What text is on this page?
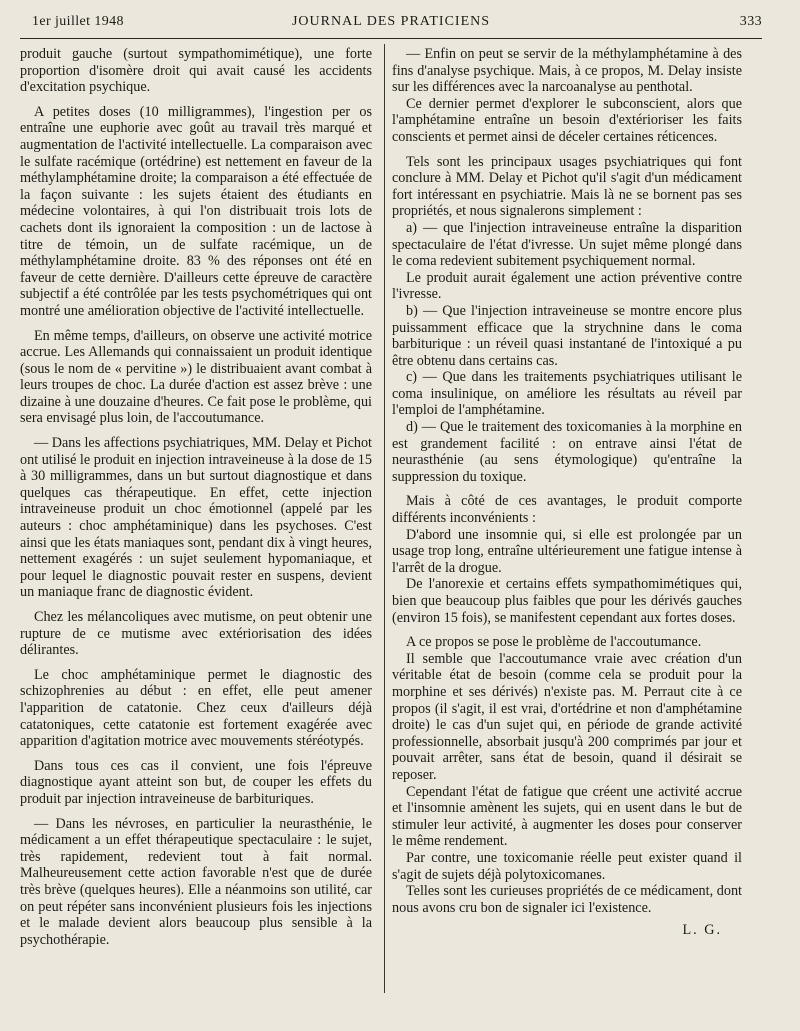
1er juillet 1948	JOURNAL DES PRATICIENS	333

produit gauche (surtout sympathomimétique), une forte proportion d'isomère droit qui avait causé les accidents d'excitation psychique.

A petites doses (10 milligrammes), l'ingestion per os entraîne une euphorie avec goût au travail très marqué et augmentation de l'activité intellectuelle. La comparaison avec le sulfate racémique (ortédrine) est nettement en faveur de la méthylamphétamine droite; la comparaison a été effectuée de la façon suivante : les sujets étaient des étudiants en médecine volontaires, à qui l'on distribuait trois lots de cachets dont ils ignoraient la composition : un de lactose à titre de témoin, un de sulfate racémique, un de méthylamphétamine droite. 83 % des réponses ont été en faveur de cette dernière. D'ailleurs cette épreuve de caractère subjectif a été contrôlée par les tests psychométriques qui ont montré une amélioration objective de l'activité intellectuelle.

En même temps, d'ailleurs, on observe une activité motrice accrue. Les Allemands qui connaissaient un produit identique (sous le nom de « pervitine ») le distribuaient avant combat à leurs troupes de choc. La durée d'action est assez brève : une dizaine à une douzaine d'heures. Ce fait pose le problème, qui sera envisagé plus loin, de l'accoutumance.

— Dans les affections psychiatriques, MM. Delay et Pichot ont utilisé le produit en injection intraveineuse à la dose de 15 à 30 milligrammes, dans un but surtout diagnostique et dans quelques cas thérapeutique. En effet, cette injection intraveineuse produit un choc émotionnel (appelé par les auteurs : choc amphétaminique) dans les psychoses. C'est ainsi que les états maniaques sont, pendant dix à vingt heures, nettement exagérés : un sujet seulement hypomaniaque, et pour lequel le diagnostic pouvait rester en suspens, devient un maniaque franc de diagnostic évident.

Chez les mélancoliques avec mutisme, on peut obtenir une rupture de ce mutisme avec extériorisation des idées délirantes.

Le choc amphétaminique permet le diagnostic des schizophrenies au début : en effet, elle peut amener l'apparition de catatonie. Chez ceux d'ailleurs déjà catatoniques, cette catatonie est fortement exagérée avec apparition d'agitation motrice avec mouvements stéréotypés.

Dans tous ces cas il convient, une fois l'épreuve diagnostique ayant atteint son but, de couper les effets du produit par injection intraveineuse de barbituriques.

— Dans les névroses, en particulier la neurasthénie, le médicament a un effet thérapeutique spectaculaire : le sujet, très rapidement, redevient tout à fait normal. Malheureusement cette action favorable n'est que de durée très brève (quelques heures). Elle a néanmoins son utilité, car on peut répéter sans inconvénient plusieurs fois les injections et le malade devient alors beaucoup plus sensible à la psychothérapie.

— Enfin on peut se servir de la méthylamphétamine à des fins d'analyse psychique. Mais, à ce propos, M. Delay insiste sur les différences avec la narcoanalyse au penthotal.

Ce dernier permet d'explorer le subconscient, alors que l'amphétamine entraîne un besoin d'extérioriser les faits conscients et permet ainsi de déceler certaines réticences.

Tels sont les principaux usages psychiatriques qui font conclure à MM. Delay et Pichot qu'il s'agit d'un médicament fort intéressant en psychiatrie. Mais là ne se bornent pas ses propriétés, et nous signalerons simplement :

a) — que l'injection intraveineuse entraîne la disparition spectaculaire de l'état d'ivresse. Un sujet même plongé dans le coma redevient subitement psychiquement normal.

Le produit aurait également une action préventive contre l'ivresse.

b) — Que l'injection intraveineuse se montre encore plus puissamment efficace que la strychnine dans le coma barbiturique : un réveil quasi instantané de l'intoxiqué a pu être obtenu dans certains cas.

c) — Que dans les traitements psychiatriques utilisant le coma insulinique, on améliore les résultats au réveil par l'emploi de l'amphétamine.

d) — Que le traitement des toxicomanies à la morphine en est grandement facilité : on entrave ainsi l'état de neurasthénie (au sens étymologique) qu'entraîne la suppression du toxique.

Mais à côté de ces avantages, le produit comporte différents inconvénients :

D'abord une insomnie qui, si elle est prolongée par un usage trop long, entraîne ultérieurement une fatigue intense à l'arrêt de la drogue.

De l'anorexie et certains effets sympathomimétiques qui, bien que beaucoup plus faibles que pour les dérivés gauches (environ 15 fois), se manifestent cependant aux fortes doses.

A ce propos se pose le problème de l'accoutumance.

Il semble que l'accoutumance vraie avec création d'un véritable état de besoin (comme cela se produit pour la morphine et ses dérivés) n'existe pas. M. Perraut cite à ce propos (il s'agit, il est vrai, d'ortédrine et non d'amphétamine droite) le cas d'un sujet qui, en période de grande activité professionnelle, absorbait jusqu'à 200 comprimés par jour et pouvait arrêter, sans état de besoin, quand il désirait se reposer.

Cependant l'état de fatigue que créent une activité accrue et l'insomnie amènent les sujets, qui en usent dans le but de stimuler leur activité, à augmenter les doses pour conserver le même rendement.

Par contre, une toxicomanie réelle peut exister quand il s'agit de sujets déjà polytoxicomanes.

Telles sont les curieuses propriétés de ce médicament, dont nous avons cru bon de signaler ici l'existence.

L. G.
